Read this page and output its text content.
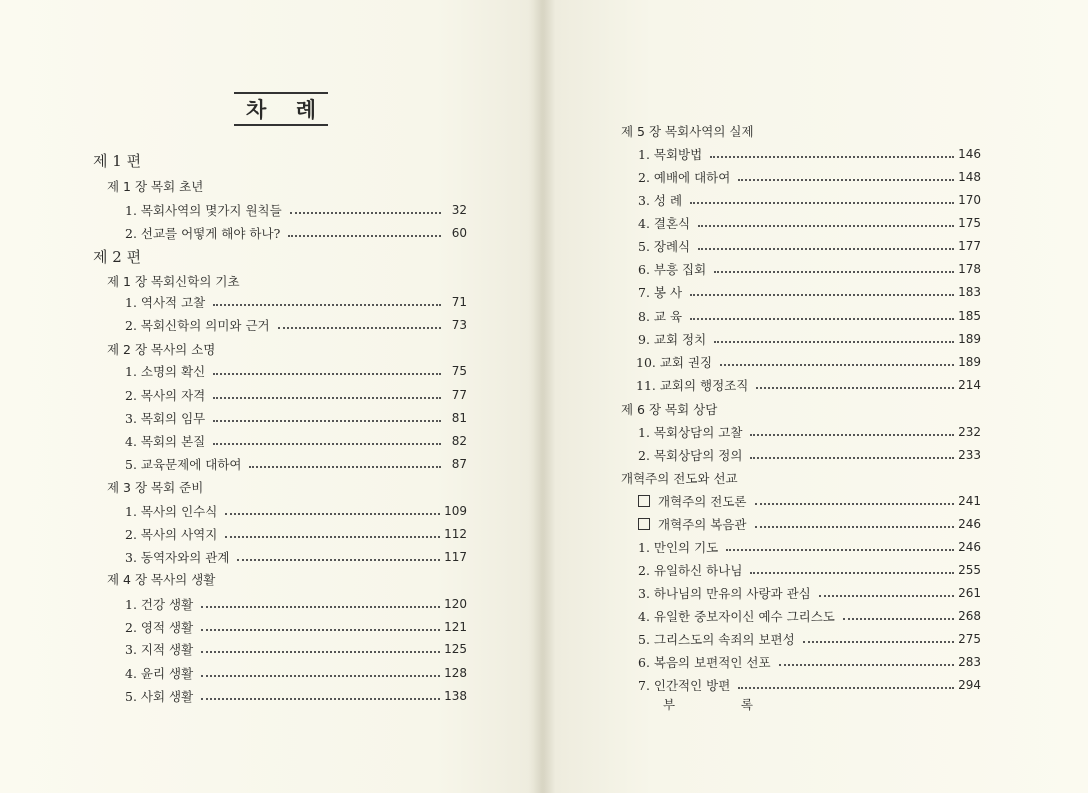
차 례
제 1 편
제 1 장 목회 초년
1. 목회사역의 몇가지 원칙들	32
2. 선교를 어떻게 해야 하나?	60
제 2 편
제 1 장 목회신학의 기초
1. 역사적 고찰	71
2. 목회신학의 의미와 근거	73
제 2 장 목사의 소명
1. 소명의 확신	75
2. 목사의 자격	77
3. 목회의 임무	81
4. 목회의 본질	82
5. 교육문제에 대하여	87
제 3 장 목회 준비
1. 목사의 인수식	109
2. 목사의 사역지	112
3. 동역자와의 관계	117
제 4 장 목사의 생활
1. 건강 생활	120
2. 영적 생활	121
3. 지적 생활	125
4. 윤리 생활	128
5. 사회 생활	138
제 5 장 목회사역의 실제
1. 목회방법	146
2. 예배에 대하여	148
3. 성 례	170
4. 결혼식	175
5. 장례식	177
6. 부흥 집회	178
7. 봉 사	183
8. 교 육	185
9. 교회 정치	189
10. 교회 권징	189
11. 교회의 행정조직	214
제 6 장 목회 상담
1. 목회상담의 고찰	232
2. 목회상담의 정의	233
개혁주의 전도와 선교
개혁주의 전도론	241
개혁주의 복음관	246
1. 만인의 기도	246
2. 유일하신 하나님	255
3. 하나님의 만유의 사랑과 관심	261
4. 유일한 중보자이신 예수 그리스도	268
5. 그리스도의 속죄의 보편성	275
6. 복음의 보편적인 선포	283
7. 인간적인 방편	294
부	록
